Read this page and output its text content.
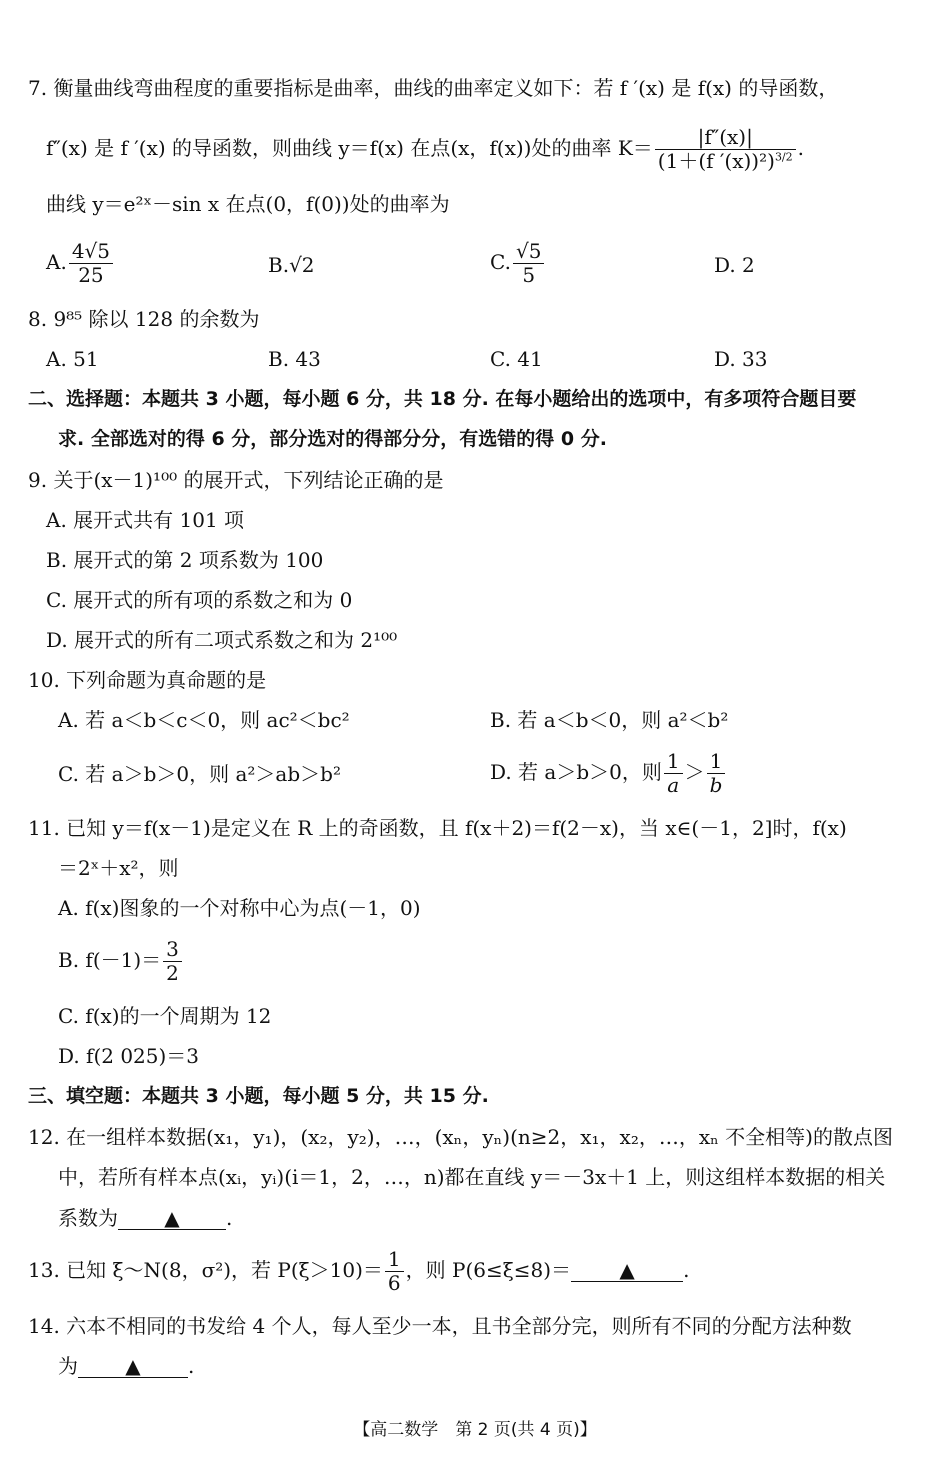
7. 衡量曲线弯曲程度的重要指标是曲率，曲线的曲率定义如下：若 f ′(x) 是 f(x) 的导函数，
f″(x) 是 f ′(x) 的导函数，则曲线 y＝f(x) 在点(x，f(x))处的曲率 $K= \frac{|f''(x)|}{(1+(f '(x))^2)^{3/2}}$ .
曲线 y＝e²ˣ－sin x 在点(0，f(0))处的曲率为
A. $\frac{4√5}{25}$	B.√2	C. $\frac{√5}{5}$	D. 2
8. 9⁸⁵ 除以 128 的余数为
A. 51	B. 43	C. 41	D. 33
二、选择题：本题共 3 小题，每小题 6 分，共 18 分. 在每小题给出的选项中，有多项符合题目要
求. 全部选对的得 6 分，部分选对的得部分分，有选错的得 0 分.
9. 关于(x－1)¹⁰⁰ 的展开式，下列结论正确的是
A. 展开式共有 101 项
B. 展开式的第 2 项系数为 100
C. 展开式的所有项的系数之和为 0
D. 展开式的所有二项式系数之和为 2¹⁰⁰
10. 下列命题为真命题的是
A. 若 a＜b＜c＜0，则 ac²＜bc²	B. 若 a＜b＜0，则 a²＜b²
C. 若 a＞b＞0，则 a²＞ab＞b²	D. 若 a＞b＞0，则 $\frac{1}{a} > \frac{1}{b}$
11. 已知 y＝f(x－1)是定义在 R 上的奇函数，且 f(x＋2)＝f(2－x)，当 x∈(－1，2]时，f(x)
＝2ˣ＋x²，则
A. f(x)图象的一个对称中心为点(－1，0)
B. $f(-1)= \frac{3}{2}$
C. f(x)的一个周期为 12
D. f(2 025)＝3
三、填空题：本题共 3 小题，每小题 5 分，共 15 分.
12. 在一组样本数据(x₁，y₁)，(x₂，y₂)，…，(xₙ，yₙ)(n≥2，x₁，x₂，…，xₙ 不全相等)的散点图
中，若所有样本点(xᵢ，yᵢ)(i＝1，2，…，n)都在直线 y＝－3x＋1 上，则这组样本数据的相关
系数为 ▲ .
13. 已知 ξ～N(8，σ²)，若 $P(\xi>10)= \frac{1}{6}$ ，则 P(6≤ξ≤8)＝ ▲ .
14. 六本不相同的书发给 4 个人，每人至少一本，且书全部分完，则所有不同的分配方法种数
为 ▲ .
【高二数学　第 2 页(共 4 页)】
